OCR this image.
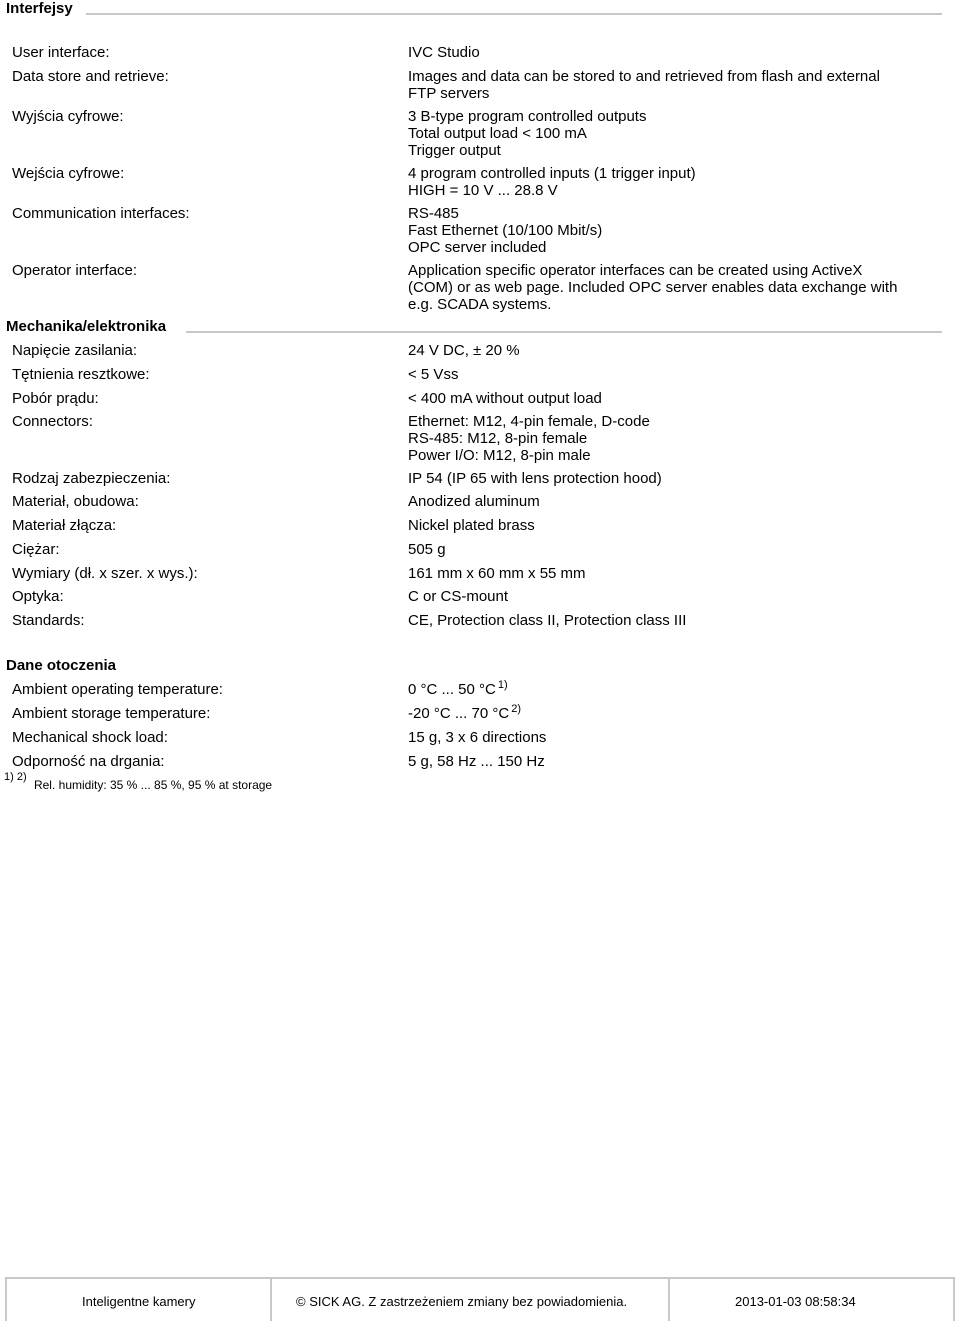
Interfejsy
User interface:	IVC Studio
Data store and retrieve:	Images and data can be stored to and retrieved from flash and external
FTP servers
Wyjścia cyfrowe:	3 B-type program controlled outputs
Total output load < 100 mA
Trigger output
Wejścia cyfrowe:	4 program controlled inputs (1 trigger input)
HIGH = 10 V ... 28.8 V
Communication interfaces:	RS-485
Fast Ethernet (10/100 Mbit/s)
OPC server included
Operator interface:	Application specific operator interfaces can be created using ActiveX
(COM) or as web page. Included OPC server enables data exchange with
e.g. SCADA systems.
Mechanika/elektronika
Napięcie zasilania:	24 V DC, ± 20 %
Tętnienia resztkowe:	< 5 Vss
Pobór prądu:	< 400 mA without output load
Connectors:	Ethernet: M12, 4-pin female, D-code
RS-485: M12, 8-pin female
Power I/O: M12, 8-pin male
Rodzaj zabezpieczenia:	IP 54 (IP 65 with lens protection hood)
Materiał, obudowa:	Anodized aluminum
Materiał złącza:	Nickel plated brass
Ciężar:	505 g
Wymiary (dł. x szer. x wys.):	161 mm x 60 mm x 55 mm
Optyka:	C or CS-mount
Standards:	CE, Protection class II, Protection class III
Dane otoczenia
Ambient operating temperature:	0 °C ... 50 °C $^{1)}$
Ambient storage temperature:	-20 °C ... 70 °C $^{2)}$
Mechanical shock load:	15 g, 3 x 6 directions
Odporność na drgania:	5 g, 58 Hz ... 150 Hz
$^{1) 2)}$ Rel. humidity: 35 % ... 85 %, 95 % at storage
Inteligentne kamery	© SICK AG. Z zastrzeżeniem zmiany bez powiadomienia.	2013-01-03 08:58:34
